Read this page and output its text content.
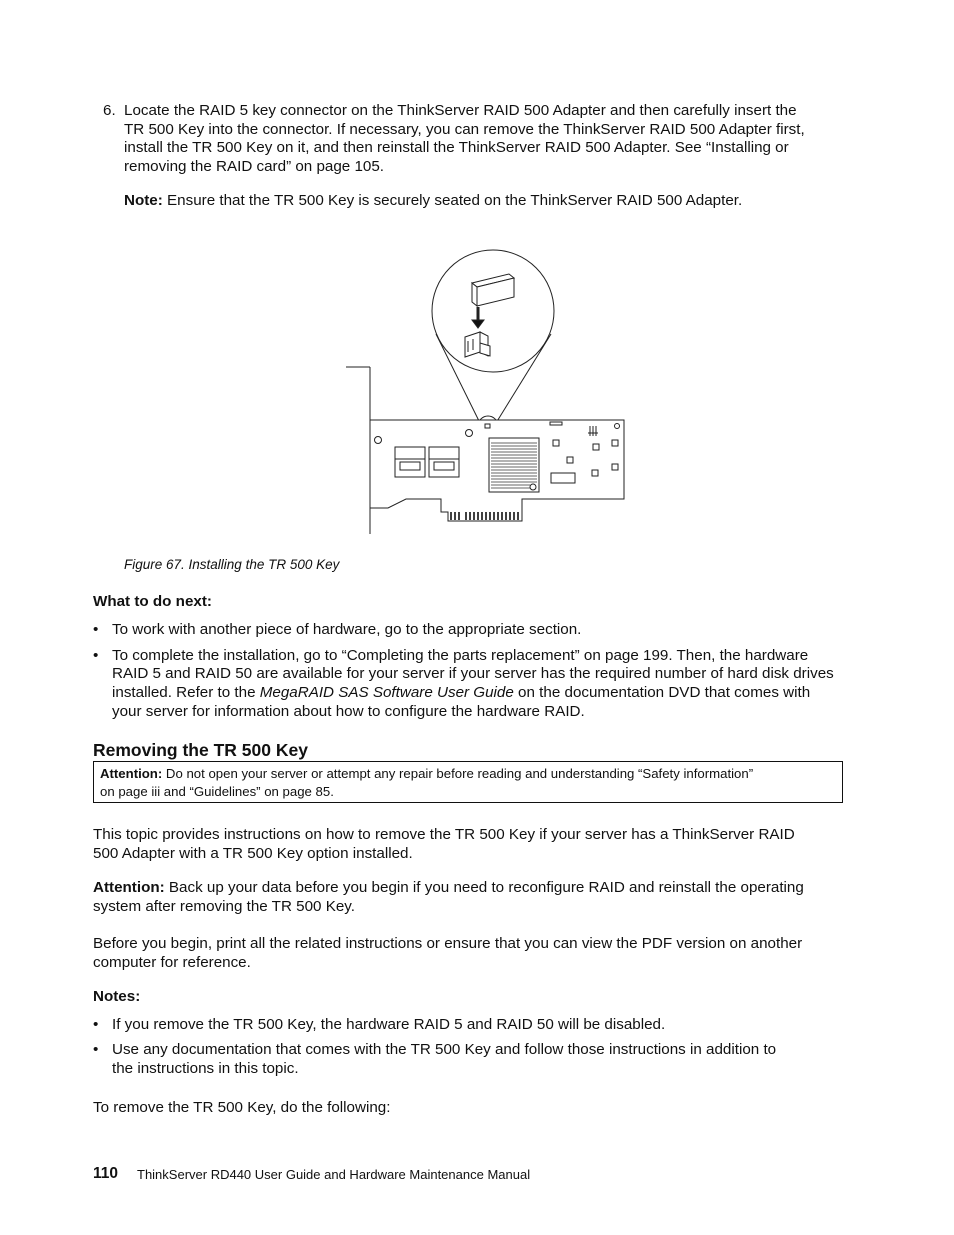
6. Locate the RAID 5 key connector on the ThinkServer RAID 500 Adapter and then carefully insert the
TR 500 Key into the connector. If necessary, you can remove the ThinkServer RAID 500 Adapter first,
install the TR 500 Key on it, and then reinstall the ThinkServer RAID 500 Adapter. See “Installing or
removing the RAID card” on page 105.
Note: Ensure that the TR 500 Key is securely seated on the ThinkServer RAID 500 Adapter.
Figure 67. Installing the TR 500 Key
What to do next:
• To work with another piece of hardware, go to the appropriate section.
• To complete the installation, go to “Completing the parts replacement” on page 199. Then, the hardware
RAID 5 and RAID 50 are available for your server if your server has the required number of hard disk drives
installed. Refer to the MegaRAID SAS Software User Guide on the documentation DVD that comes with
your server for information about how to configure the hardware RAID.
Removing the TR 500 Key
Attention: Do not open your server or attempt any repair before reading and understanding “Safety information”
on page iii and “Guidelines” on page 85.
This topic provides instructions on how to remove the TR 500 Key if your server has a ThinkServer RAID
500 Adapter with a TR 500 Key option installed.
Attention: Back up your data before you begin if you need to reconfigure RAID and reinstall the operating
system after removing the TR 500 Key.
Before you begin, print all the related instructions or ensure that you can view the PDF version on another
computer for reference.
Notes:
• If you remove the TR 500 Key, the hardware RAID 5 and RAID 50 will be disabled.
• Use any documentation that comes with the TR 500 Key and follow those instructions in addition to
the instructions in this topic.
To remove the TR 500 Key, do the following:
110 ThinkServer RD440 User Guide and Hardware Maintenance Manual
